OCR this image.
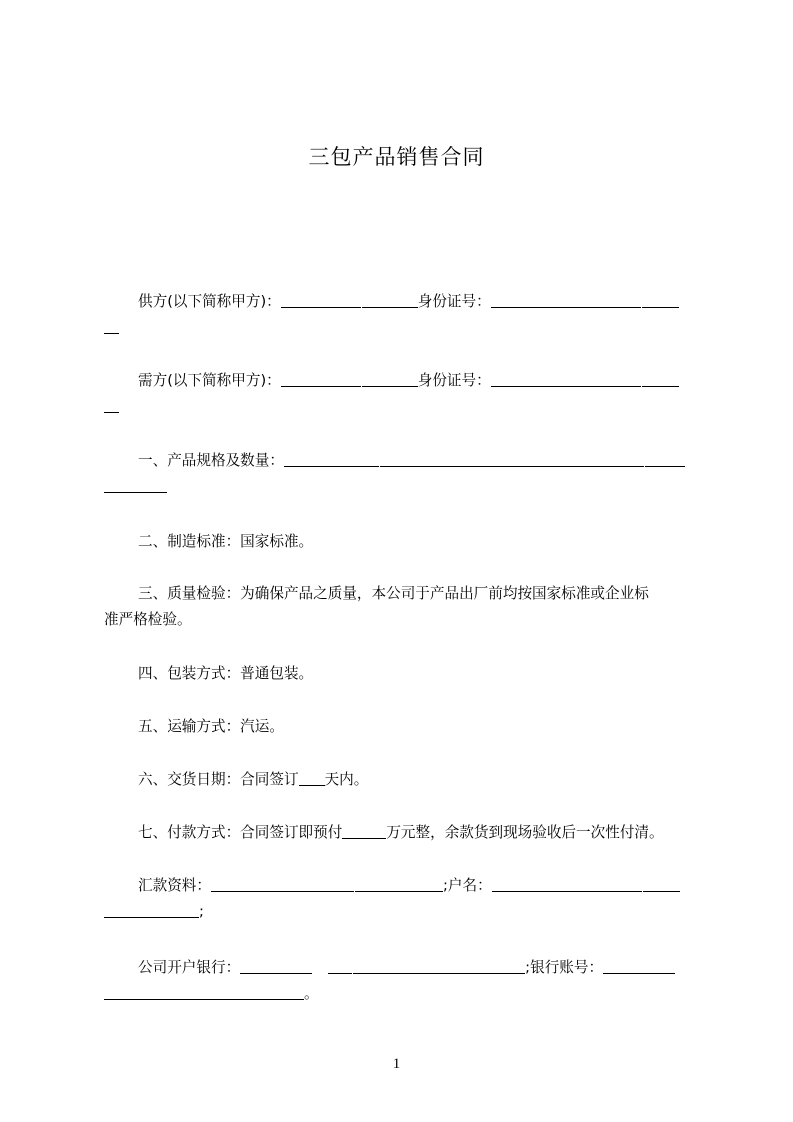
三包产品销售合同
供方(以下简称甲方)：	身份证号：
需方(以下简称甲方)：	身份证号：
一、产品规格及数量：
二、制造标准：国家标准。
三、质量检验：为确保产品之质量，本公司于产品出厂前均按国家标准或企业标
准严格检验。
四、包装方式：普通包装。
五、运输方式：汽运。
六、交货日期：合同签订 天内。
七、付款方式：合同签订即预付	万元整，余款货到现场验收后一次性付清。
汇款资料：	;户名：
;
公司开户银行：	;银行账号：
。
1
